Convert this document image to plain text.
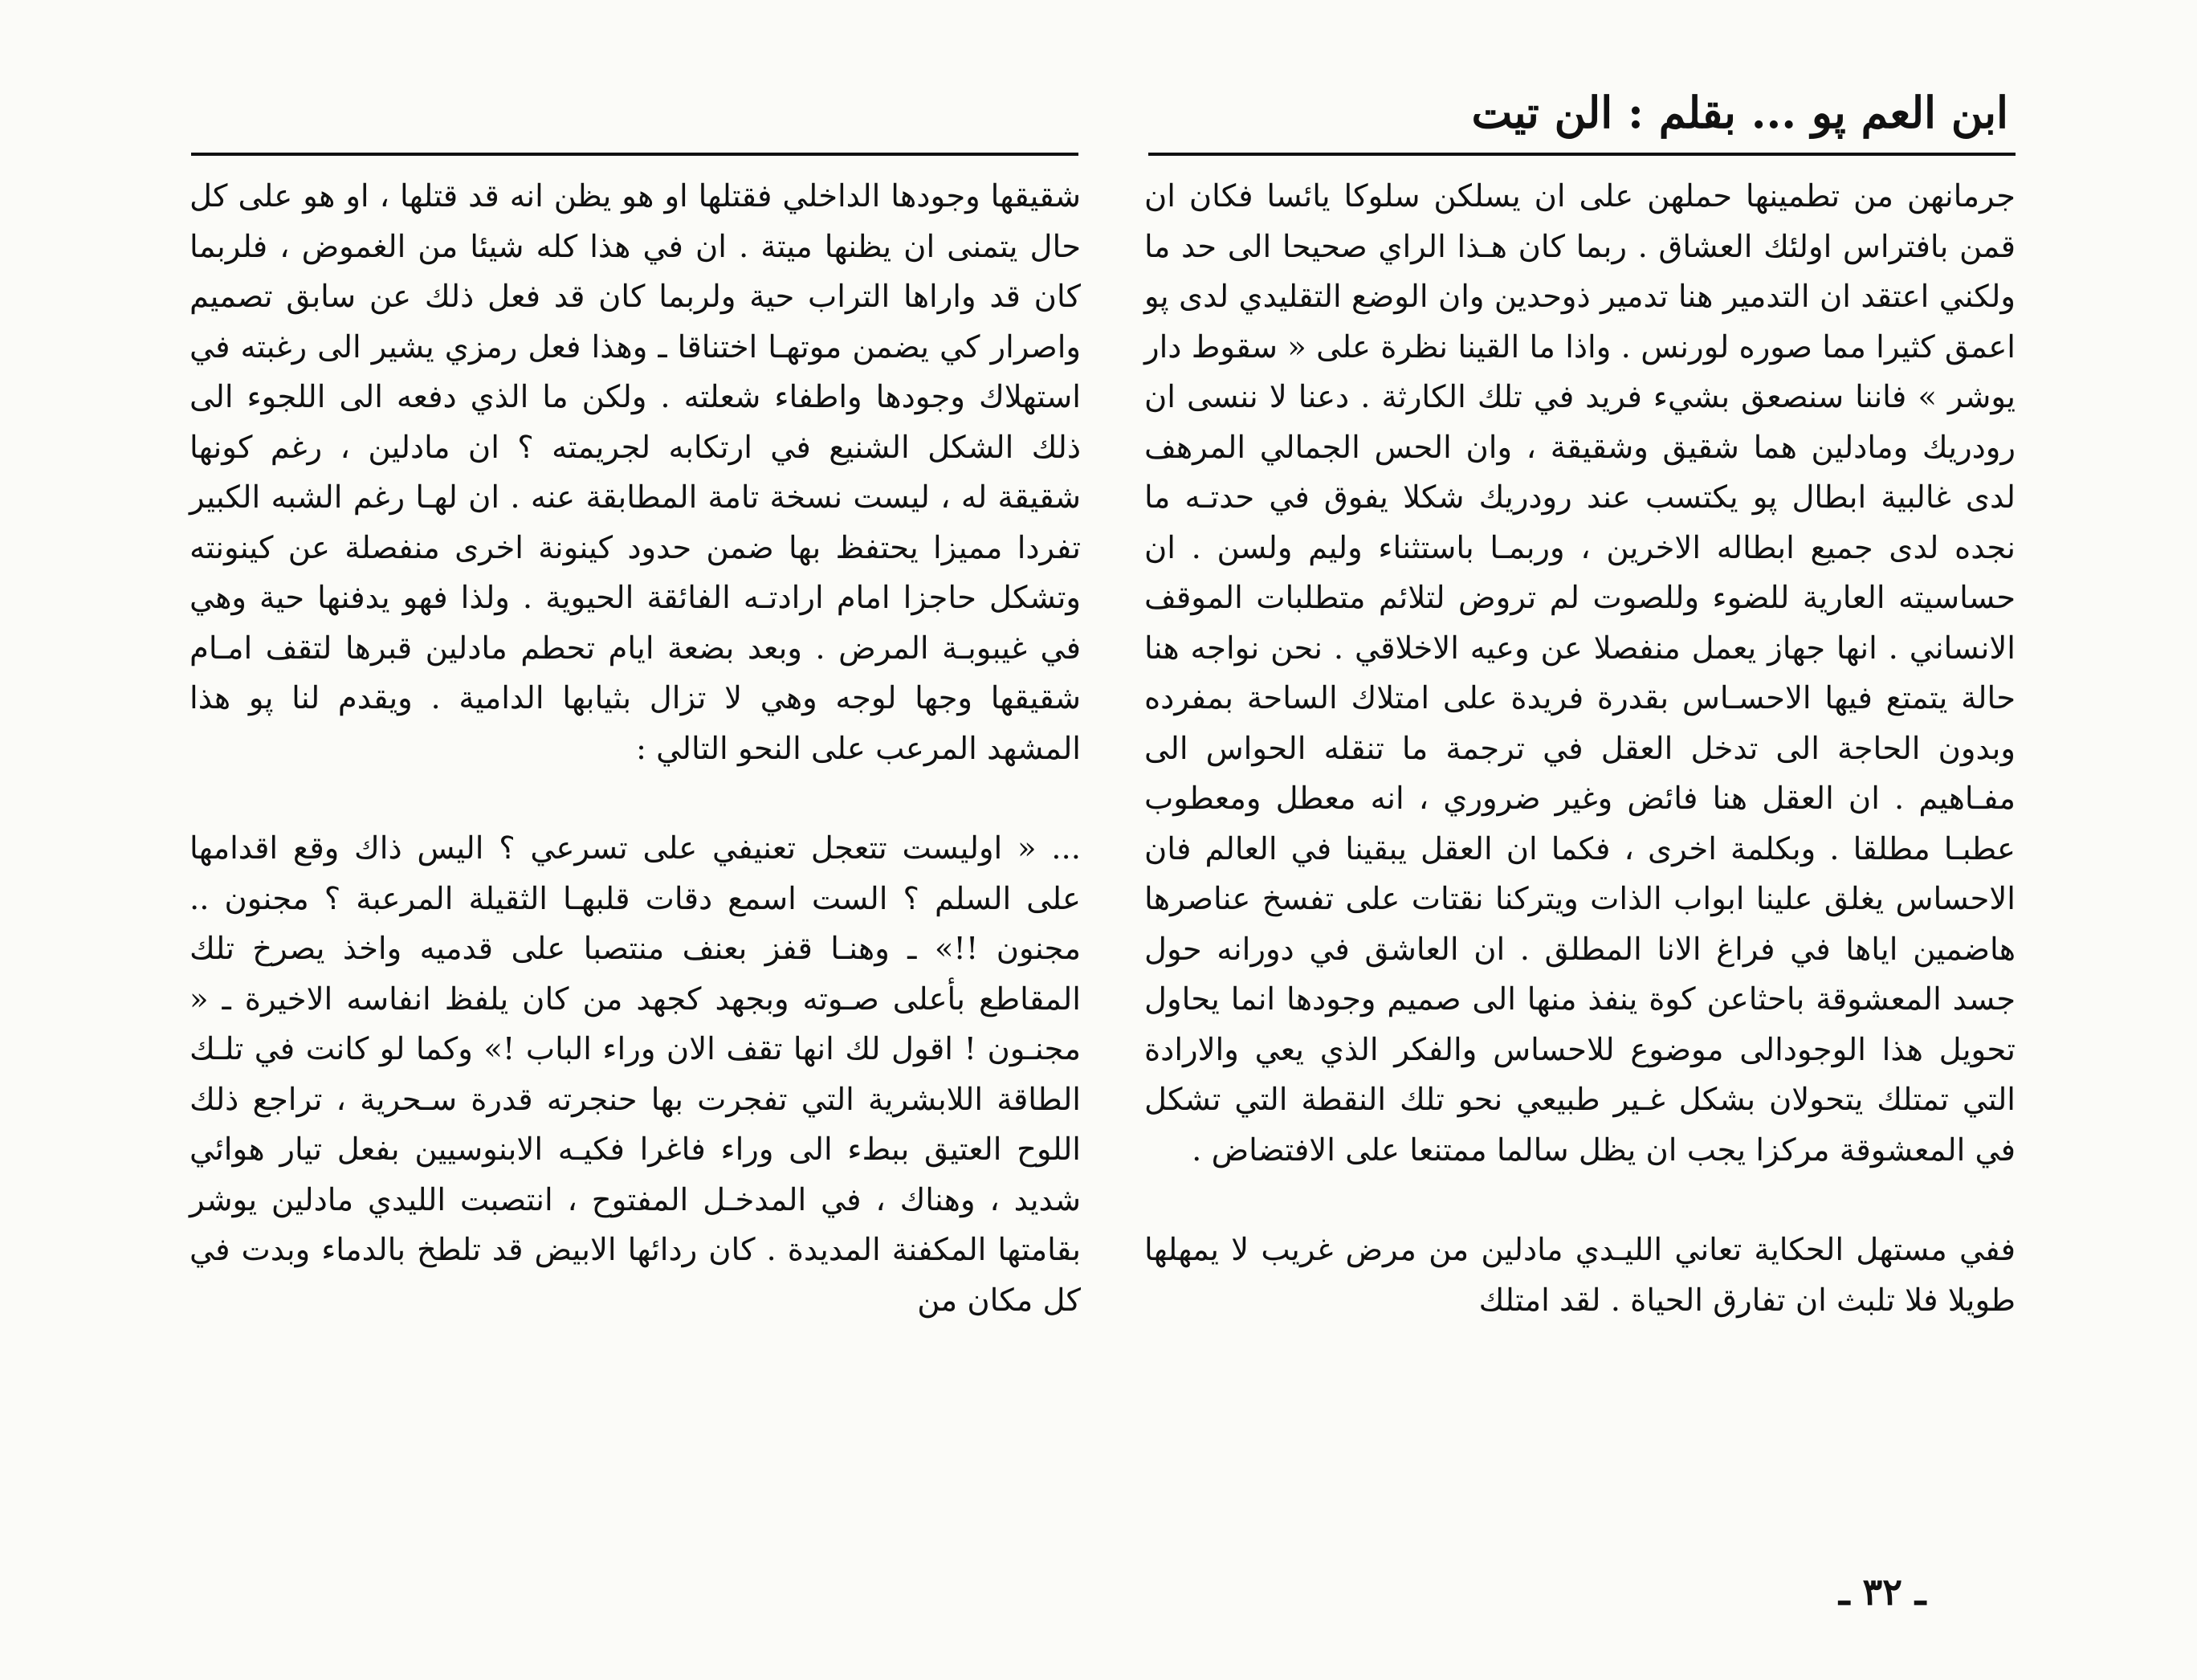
ابن العم پو ... بقلم : الن تيت

جرمانهن من تطمينها حملهن على ان يسلكن سلوكا يائسا فكان ان قمن بافتراس اولئك العشاق . ربما كان هـذا الراي صحيحا الى حد ما ولكني اعتقد ان التدمير هنا تدمير ذوحدين وان الوضع التقليدي لدى پو اعمق كثيرا مما صوره لورنس . واذا ما القينا نظرة على « سقوط دار يوشر » فاننا سنصعق بشيء فريد في تلك الكارثة . دعنا لا ننسى ان رودريك ومادلين هما شقيق وشقيقة ، وان الحس الجمالي المرهف لدى غالبية ابطال پو يكتسب عند رودريك شكلا يفوق في حدتـه ما نجده لدى جميع ابطاله الاخرين ، وربمـا باستثناء وليم ولسن . ان حساسيته العارية للضوء وللصوت لم تروض لتلائم متطلبات الموقف الانساني . انها جهاز يعمل منفصلا عن وعيه الاخلاقي . نحن نواجه هنا حالة يتمتع فيها الاحسـاس بقدرة فريدة على امتلاك الساحة بمفرده وبدون الحاجة الى تدخل العقل في ترجمة ما تنقله الحواس الى مفـاهيم . ان العقل هنا فائض وغير ضروري ، انه معطل ومعطوب عطبـا مطلقا . وبكلمة اخرى ، فكما ان العقل يبقينا في العالم فان الاحساس يغلق علينا ابواب الذات ويتركنا نقتات على تفسخ عناصرها هاضمين اياها في فراغ الانا المطلق . ان العاشق في دورانه حول جسد المعشوقة باحثاعن كوة ينفذ منها الى صميم وجودها انما يحاول تحويل هذا الوجودالى موضوع للاحساس والفكر الذي يعي والارادة التي تمتلك يتحولان بشكل غـير طبيعي نحو تلك النقطة التي تشكل في المعشوقة مركزا يجب ان يظل سالما ممتنعا على الافتضاض .

ففي مستهل الحكاية تعاني الليـدي مادلين من مرض غريب لا يمهلها طويلا فلا تلبث ان تفارق الحياة . لقد امتلك

شقيقها وجودها الداخلي فقتلها او هو يظن انه قد قتلها ، او هو على كل حال يتمنى ان يظنها ميتة . ان في هذا كله شيئا من الغموض ، فلربما كان قد واراها التراب حية ولربما كان قد فعل ذلك عن سابق تصميم واصرار كي يضمن موتهـا اختناقا ـ وهذا فعل رمزي يشير الى رغبته في استهلاك وجودها واطفاء شعلته . ولكن ما الذي دفعه الى اللجوء الى ذلك الشكل الشنيع في ارتكابه لجريمته ؟ ان مادلين ، رغم كونها شقيقة له ، ليست نسخة تامة المطابقة عنه . ان لهـا رغم الشبه الكبير تفردا مميزا يحتفظ بها ضمن حدود كينونة اخرى منفصلة عن كينونته وتشكل حاجزا امام ارادتـه الفائقة الحيوية . ولذا فهو يدفنها حية وهي في غيبوبـة المرض . وبعد بضعة ايام تحطم مادلين قبرها لتقف امـام شقيقها وجها لوجه وهي لا تزال بثيابها الدامية . ويقدم لنا پو هذا المشهد المرعب على النحو التالي :

... « اوليست تتعجل تعنيفي على تسرعي ؟ اليس ذاك وقع اقدامها على السلم ؟ الست اسمع دقات قلبهـا الثقيلة المرعبة ؟ مجنون .. مجنون !!» ـ وهنـا قفز بعنف منتصبا على قدميه واخذ يصرخ تلك المقاطع بأعلى صـوته وبجهد كجهد من كان يلفظ انفاسه الاخيرة ـ « مجنـون ! اقول لك انها تقف الان وراء الباب !» وكما لو كانت في تلـك الطاقة اللابشرية التي تفجرت بها حنجرته قدرة سـحرية ، تراجع ذلك اللوح العتيق ببطء الى وراء فاغرا فكيـه الابنوسيين بفعل تيار هوائي شديد ، وهناك ، في المدخـل المفتوح ، انتصبت الليدي مادلين يوشر بقامتها المكفنة المديدة . كان ردائها الابيض قد تلطخ بالدماء وبدت في كل مكان من

ـ ٣٢ ـ
